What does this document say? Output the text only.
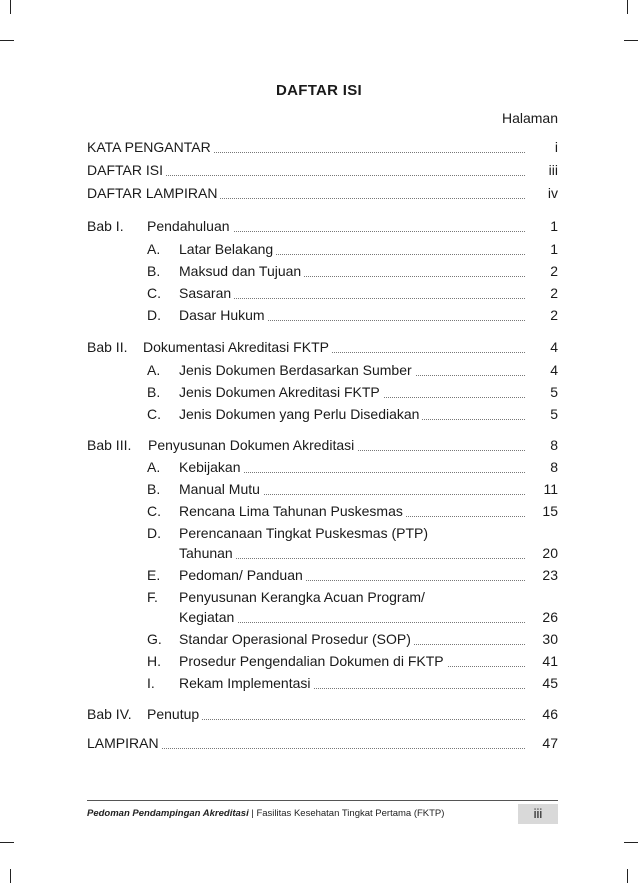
DAFTAR ISI
Halaman
KATA PENGANTAR	i
DAFTAR ISI	iii
DAFTAR LAMPIRAN	iv
Bab I. Pendahuluan	1
A. Latar Belakang	1
B. Maksud dan Tujuan	2
C. Sasaran	2
D. Dasar Hukum	2
Bab II. Dokumentasi Akreditasi FKTP	4
A. Jenis Dokumen Berdasarkan Sumber	4
B. Jenis Dokumen Akreditasi FKTP	5
C. Jenis Dokumen yang Perlu Disediakan	5
Bab III. Penyusunan Dokumen Akreditasi	8
A. Kebijakan	8
B. Manual Mutu	11
C. Rencana Lima Tahunan Puskesmas	15
D. Perencanaan Tingkat Puskesmas (PTP)
Tahunan	20
E. Pedoman/ Panduan	23
F. Penyusunan Kerangka Acuan Program/
Kegiatan	26
G. Standar Operasional Prosedur (SOP)	30
H. Prosedur Pengendalian Dokumen di FKTP	41
I. Rekam Implementasi	45
Bab IV. Penutup	46
LAMPIRAN	47
Pedoman Pendampingan Akreditasi | Fasilitas Kesehatan Tingkat Pertama (FKTP)	iii
